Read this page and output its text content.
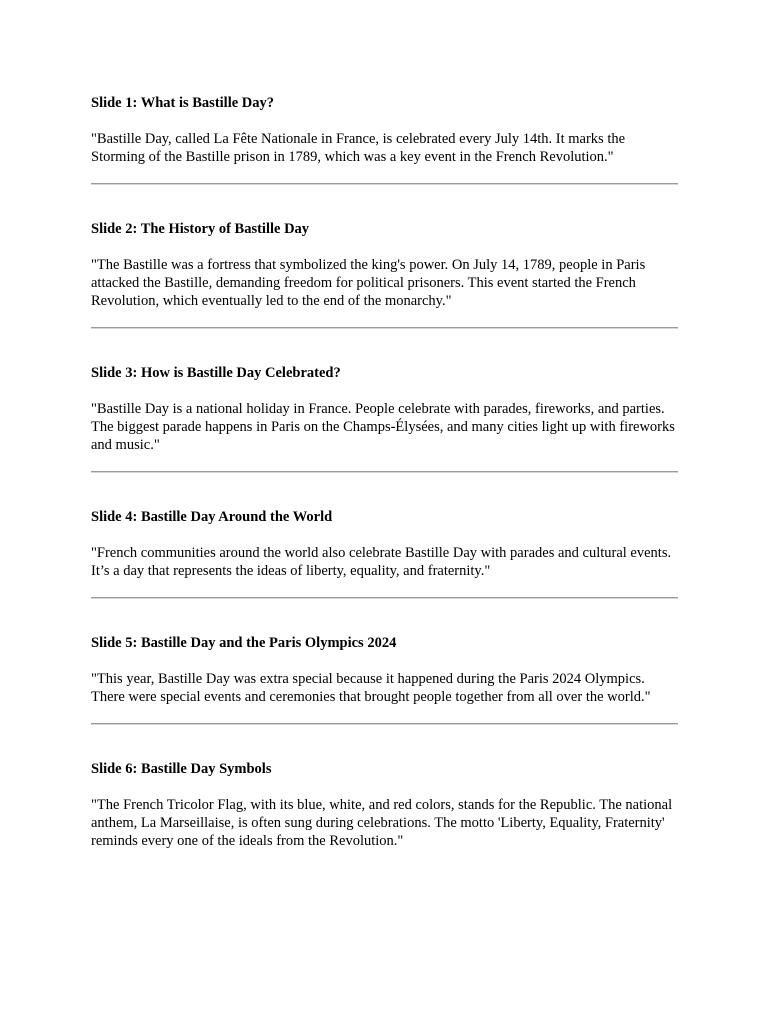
Slide 1: What is Bastille Day?

"Bastille Day, called La Fête Nationale in France, is celebrated every July 14th. It marks the Storming of the Bastille prison in 1789, which was a key event in the French Revolution."

Slide 2: The History of Bastille Day

"The Bastille was a fortress that symbolized the king's power. On July 14, 1789, people in Paris attacked the Bastille, demanding freedom for political prisoners. This event started the French Revolution, which eventually led to the end of the monarchy."

Slide 3: How is Bastille Day Celebrated?

"Bastille Day is a national holiday in France. People celebrate with parades, fireworks, and parties. The biggest parade happens in Paris on the Champs-Élysées, and many cities light up with fireworks and music."

Slide 4: Bastille Day Around the World

"French communities around the world also celebrate Bastille Day with parades and cultural events. It’s a day that represents the ideas of liberty, equality, and fraternity."

Slide 5: Bastille Day and the Paris Olympics 2024

"This year, Bastille Day was extra special because it happened during the Paris 2024 Olympics. There were special events and ceremonies that brought people together from all over the world."

Slide 6: Bastille Day Symbols

"The French Tricolor Flag, with its blue, white, and red colors, stands for the Republic. The national anthem, La Marseillaise, is often sung during celebrations. The motto 'Liberty, Equality, Fraternity' reminds every one of the ideals from the Revolution."
